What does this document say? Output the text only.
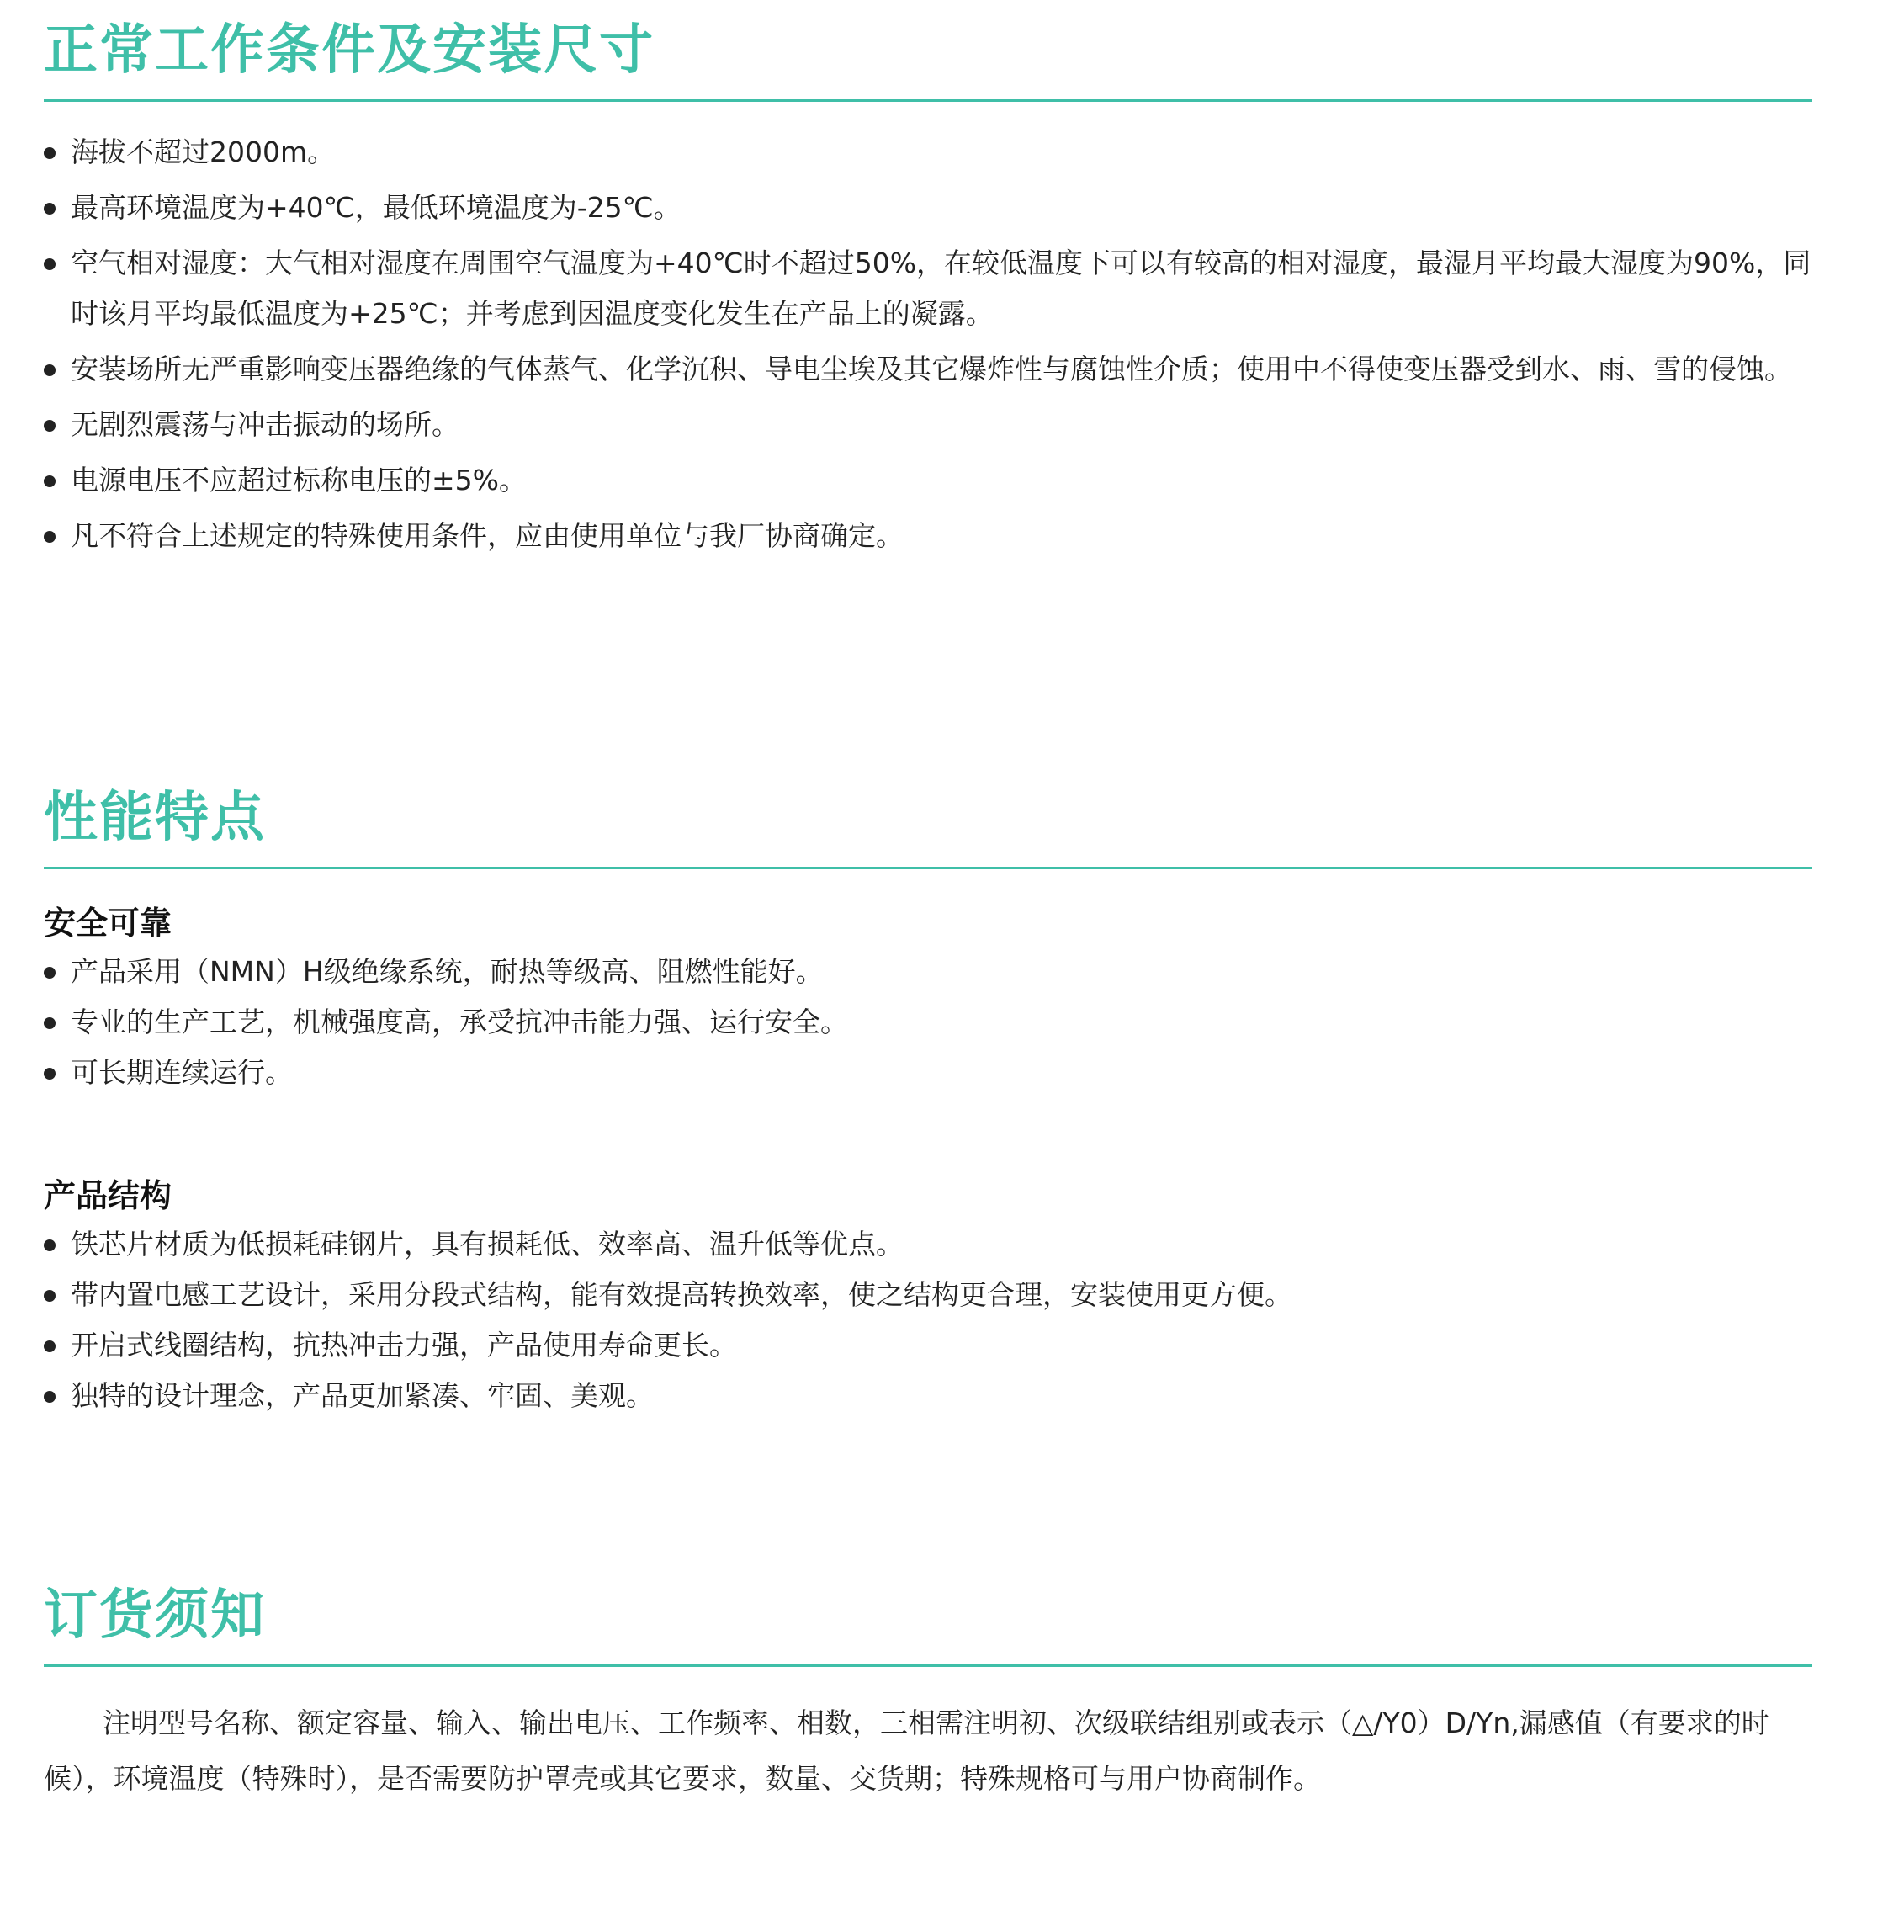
正常工作条件及安装尺寸
海拔不超过2000m。
最高环境温度为+40℃，最低环境温度为-25℃。
空气相对湿度：大气相对湿度在周围空气温度为+40℃时不超过50%，在较低温度下可以有较高的相对湿度，最湿月平均最大湿度为90%，同时该月平均最低温度为+25℃；并考虑到因温度变化发生在产品上的凝露。
安装场所无严重影响变压器绝缘的气体蒸气、化学沉积、导电尘埃及其它爆炸性与腐蚀性介质；使用中不得使变压器受到水、雨、雪的侵蚀。
无剧烈震荡与冲击振动的场所。
电源电压不应超过标称电压的±5%。
凡不符合上述规定的特殊使用条件，应由使用单位与我厂协商确定。
性能特点
安全可靠
产品采用（NMN）H级绝缘系统，耐热等级高、阻燃性能好。
专业的生产工艺，机械强度高，承受抗冲击能力强、运行安全。
可长期连续运行。
产品结构
铁芯片材质为低损耗硅钢片，具有损耗低、效率高、温升低等优点。
带内置电感工艺设计，采用分段式结构，能有效提高转换效率，使之结构更合理，安装使用更方便。
开启式线圈结构，抗热冲击力强，产品使用寿命更长。
独特的设计理念，产品更加紧凑、牢固、美观。
订货须知

注明型号名称、额定容量、输入、输出电压、工作频率、相数，三相需注明初、次级联结组别或表示（△/Y0）D/Yn,漏感值（有要求的时候），环境温度（特殊时），是否需要防护罩壳或其它要求，数量、交货期；特殊规格可与用户协商制作。
